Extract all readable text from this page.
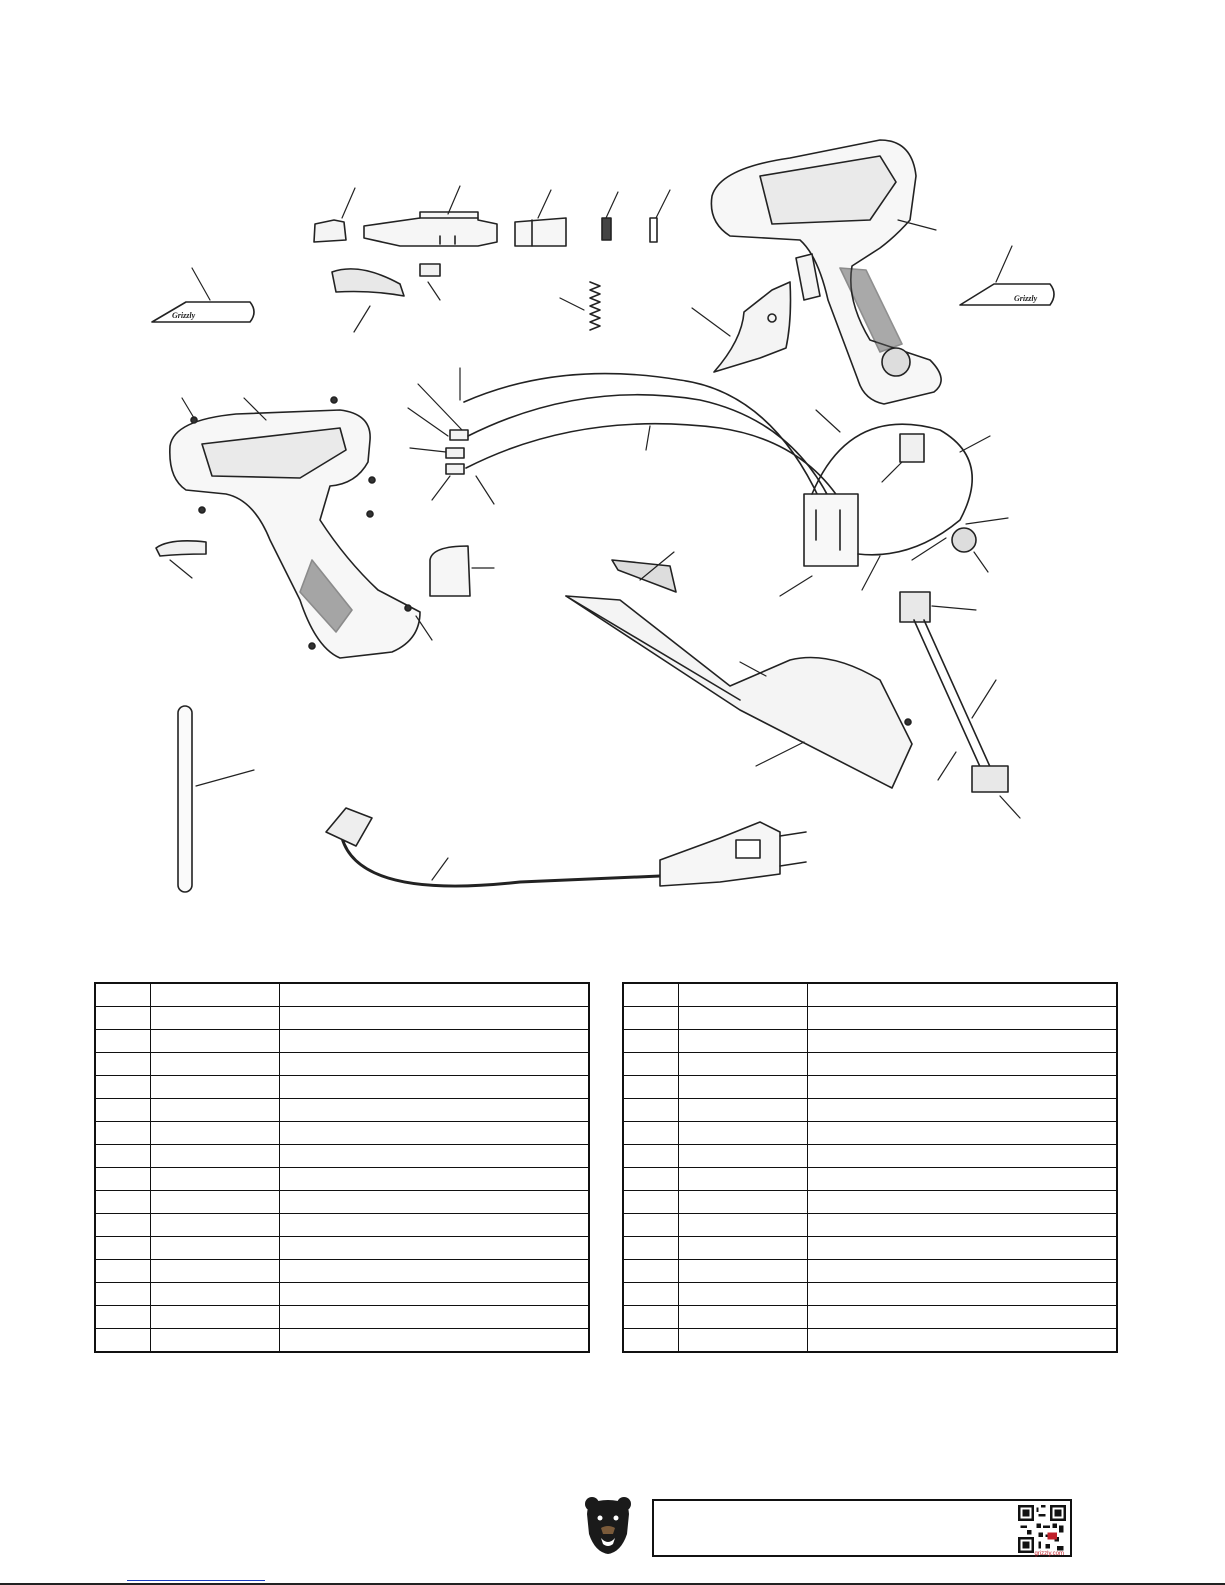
Grizzly
Grizzly

grizzly.com
